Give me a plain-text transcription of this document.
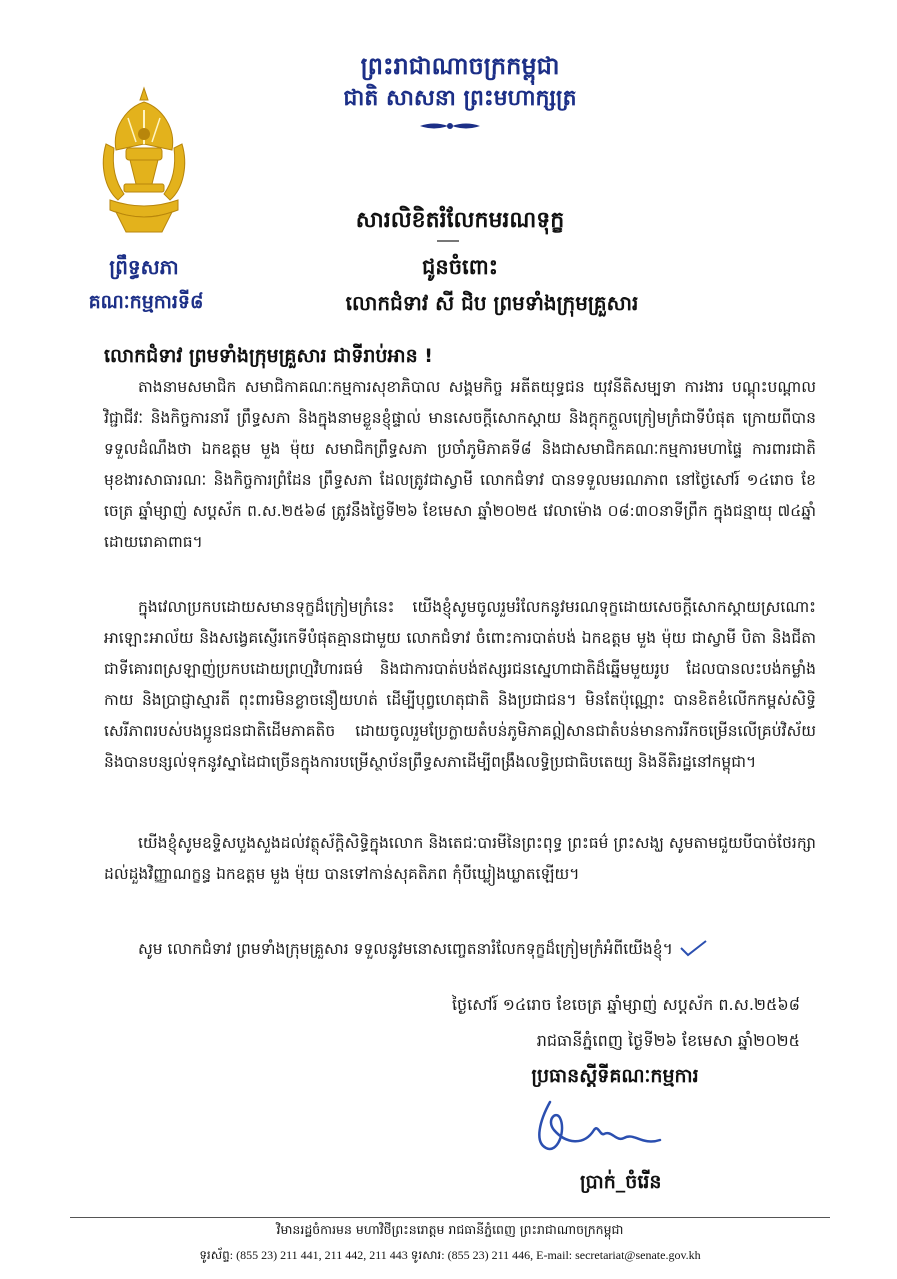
ព្រះរាជាណាចក្រកម្ពុជា
ជាតិ សាសនា ព្រះមហាក្សត្រ
ព្រឹទ្ធសភា
គណៈកម្មការទី៨
សារលិខិតរំលែកមរណទុក្ខ
ជូនចំពោះ
លោកជំទាវ សី ជិប ព្រមទាំងក្រុមគ្រួសារ
លោកជំទាវ ព្រមទាំងក្រុមគ្រួសារ ជាទីរាប់អាន !
តាងនាមសមាជិក សមាជិកាគណៈកម្មការសុខាភិបាល សង្គមកិច្ច អតីតយុទ្ធជន យុវនីតិសម្បទា ការងារ បណ្តុះបណ្តាលវិជ្ជាជីវៈ និងកិច្ចការនារី ព្រឹទ្ធសភា និងក្នុងនាមខ្លួនខ្ញុំផ្ទាល់ មានសេចក្តីសោកស្តាយ និងក្តុកក្តួលក្រៀមក្រំជាទីបំផុត ក្រោយពីបានទទួលដំណឹងថា ឯកឧត្តម មួង ម៉ុយ សមាជិកព្រឹទ្ធសភា ប្រចាំភូមិភាគទី៨ និងជាសមាជិកគណៈកម្មការមហាផ្ទៃ ការពារជាតិ មុខងារសាធារណៈ និងកិច្ចការព្រំដែន ព្រឹទ្ធសភា ដែលត្រូវជាស្វាមី លោកជំទាវ បានទទួលមរណភាព នៅថ្ងៃសៅរ៍ ១៤រោច ខែចេត្រ ឆ្នាំម្សាញ់ សប្តស័ក ព.ស.២៥៦៨ ត្រូវនឹងថ្ងៃទី២៦ ខែមេសា ឆ្នាំ២០២៥ វេលាម៉ោង ០៨:៣០នាទីព្រឹក ក្នុងជន្មាយុ ៧៤ឆ្នាំ ដោយរោគាពាធ។
ក្នុងវេលាប្រកបដោយសមានទុក្ខដ៏ក្រៀមក្រំនេះ យើងខ្ញុំសូមចូលរួមរំលែកនូវមរណទុក្ខដោយសេចក្តីសោកស្តាយស្រណោះអាឡោះអាល័យ និងសង្វេគស្ញើរកេទីបំផុតគ្មានជាមួយ លោកជំទាវ ចំពោះការបាត់បង់ ឯកឧត្តម មួង ម៉ុយ ជាស្វាមី បិតា និងជីតា ជាទីគោរពស្រឡាញ់ប្រកបដោយព្រហ្មវិហារធម៌ និងជាការបាត់បង់ឥស្សរជនស្នេហាជាតិដ៏ឆ្នើមមួយរូប ដែលបានលះបង់កម្លាំងកាយ និងប្រាជ្ញាស្មារតី ពុះពារមិនខ្លាចនឿយហត់ ដើម្បីបុព្វហេតុជាតិ និងប្រជាជន។ មិនតែប៉ុណ្ណោះ បានខិតខំលើកកម្ពស់សិទ្ធិសេរីភាពរបស់បងប្អូនជនជាតិដើមភាគតិច ដោយចូលរួមប្រែក្លាយតំបន់ភូមិភាគឦសានជាតំបន់មានការរីកចម្រើនលើគ្រប់វិស័យ និងបានបន្សល់ទុកនូវស្នាដៃជាច្រើនក្នុងការបម្រើស្ថាប័នព្រឹទ្ធសភាដើម្បីពង្រឹងលទ្ធិប្រជាធិបតេយ្យ និងនីតិរដ្ឋនៅកម្ពុជា។
យើងខ្ញុំសូមឧទ្ទិសបួងសួងដល់វត្ថុស័ក្តិសិទ្ធិក្នុងលោក និងតេជៈបារមីនៃព្រះពុទ្ធ ព្រះធម៌ ព្រះសង្ឃ សូមតាមជួយបីបាច់ថែរក្សាដល់ដួងវិញ្ញាណក្ខន្ធ ឯកឧត្តម មួង ម៉ុយ បានទៅកាន់សុគតិភព កុំបីឃ្លៀងឃ្លាតឡើយ។
សូម លោកជំទាវ ព្រមទាំងក្រុមគ្រួសារ ទទួលនូវមនោសញ្ចេតនារំលែកទុក្ខដ៏ក្រៀមក្រំអំពីយើងខ្ញុំ។
ថ្ងៃសៅរ៍ ១៤រោច ខែចេត្រ ឆ្នាំម្សាញ់ សប្តស័ក ព.ស.២៥៦៨
រាជធានីភ្នំពេញ ថ្ងៃទី២៦ ខែមេសា ឆ្នាំ២០២៥
ប្រធានស្តីទីគណៈកម្មការ
ប្រាក់_ចំរើន
វិមានរដ្ឋចំការមន មហាវិថីព្រះនរោត្តម រាជធានីភ្នំពេញ ព្រះរាជាណាចក្រកម្ពុជា
ទូរស័ព្ទ: (855 23) 211 441, 211 442, 211 443 ទូរសារ: (855 23) 211 446, E-mail: secretariat@senate.gov.kh
